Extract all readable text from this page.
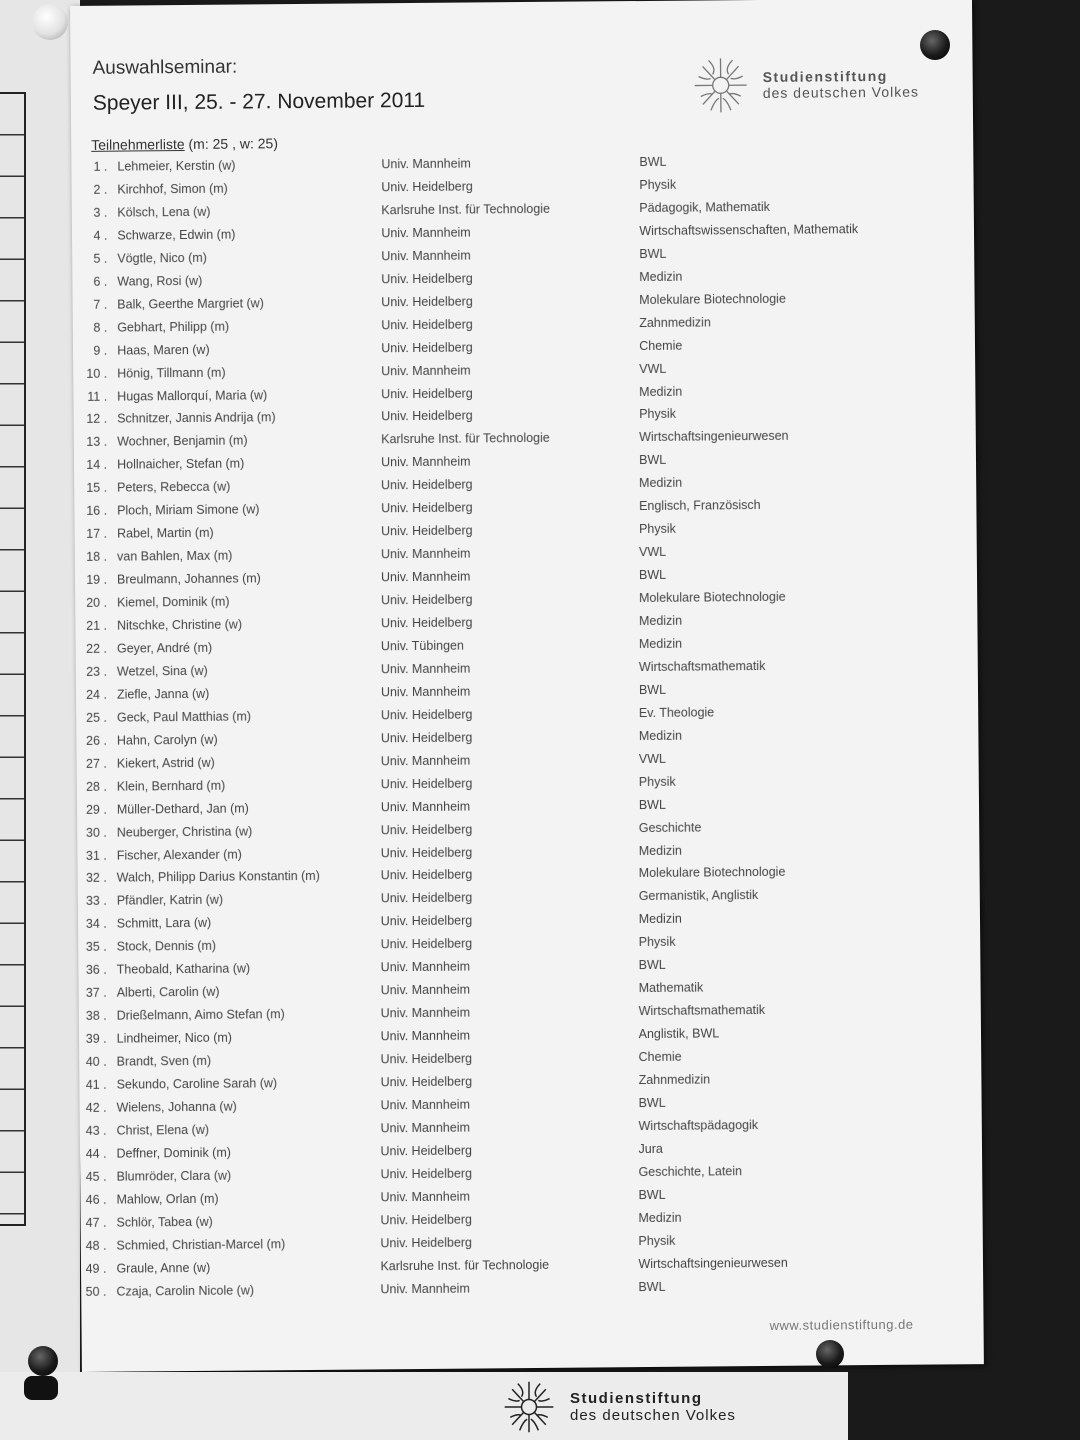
Auswahlseminar:
Speyer III, 25. - 27. November 2011
Teilnehmerliste (m: 25 , w: 25)
Studienstiftung
des deutschen Volkes
1 . Lehmeier, Kerstin (w)	Univ. Mannheim	BWL
2 . Kirchhof, Simon (m)	Univ. Heidelberg	Physik
3 . Kölsch, Lena (w)	Karlsruhe Inst. für Technologie	Pädagogik, Mathematik
4 . Schwarze, Edwin (m)	Univ. Mannheim	Wirtschaftswissenschaften, Mathematik
5 . Vögtle, Nico (m)	Univ. Mannheim	BWL
6 . Wang, Rosi (w)	Univ. Heidelberg	Medizin
7 . Balk, Geerthe Margriet (w)	Univ. Heidelberg	Molekulare Biotechnologie
8 . Gebhart, Philipp (m)	Univ. Heidelberg	Zahnmedizin
9 . Haas, Maren (w)	Univ. Heidelberg	Chemie
10 . Hönig, Tillmann (m)	Univ. Mannheim	VWL
11 . Hugas Mallorquí, Maria (w)	Univ. Heidelberg	Medizin
12 . Schnitzer, Jannis Andrija (m)	Univ. Heidelberg	Physik
13 . Wochner, Benjamin (m)	Karlsruhe Inst. für Technologie	Wirtschaftsingenieurwesen
14 . Hollnaicher, Stefan (m)	Univ. Mannheim	BWL
15 . Peters, Rebecca (w)	Univ. Heidelberg	Medizin
16 . Ploch, Miriam Simone (w)	Univ. Heidelberg	Englisch, Französisch
17 . Rabel, Martin (m)	Univ. Heidelberg	Physik
18 . van Bahlen, Max (m)	Univ. Mannheim	VWL
19 . Breulmann, Johannes (m)	Univ. Mannheim	BWL
20 . Kiemel, Dominik (m)	Univ. Heidelberg	Molekulare Biotechnologie
21 . Nitschke, Christine (w)	Univ. Heidelberg	Medizin
22 . Geyer, André (m)	Univ. Tübingen	Medizin
23 . Wetzel, Sina (w)	Univ. Mannheim	Wirtschaftsmathematik
24 . Ziefle, Janna (w)	Univ. Mannheim	BWL
25 . Geck, Paul Matthias (m)	Univ. Heidelberg	Ev. Theologie
26 . Hahn, Carolyn (w)	Univ. Heidelberg	Medizin
27 . Kiekert, Astrid (w)	Univ. Mannheim	VWL
28 . Klein, Bernhard (m)	Univ. Heidelberg	Physik
29 . Müller-Dethard, Jan (m)	Univ. Mannheim	BWL
30 . Neuberger, Christina (w)	Univ. Heidelberg	Geschichte
31 . Fischer, Alexander (m)	Univ. Heidelberg	Medizin
32 . Walch, Philipp Darius Konstantin (m)	Univ. Heidelberg	Molekulare Biotechnologie
33 . Pfändler, Katrin (w)	Univ. Heidelberg	Germanistik, Anglistik
34 . Schmitt, Lara (w)	Univ. Heidelberg	Medizin
35 . Stock, Dennis (m)	Univ. Heidelberg	Physik
36 . Theobald, Katharina (w)	Univ. Mannheim	BWL
37 . Alberti, Carolin (w)	Univ. Mannheim	Mathematik
38 . Drießelmann, Aimo Stefan (m)	Univ. Mannheim	Wirtschaftsmathematik
39 . Lindheimer, Nico (m)	Univ. Mannheim	Anglistik, BWL
40 . Brandt, Sven (m)	Univ. Heidelberg	Chemie
41 . Sekundo, Caroline Sarah (w)	Univ. Heidelberg	Zahnmedizin
42 . Wielens, Johanna (w)	Univ. Mannheim	BWL
43 . Christ, Elena (w)	Univ. Mannheim	Wirtschaftspädagogik
44 . Deffner, Dominik (m)	Univ. Heidelberg	Jura
45 . Blumröder, Clara (w)	Univ. Heidelberg	Geschichte, Latein
46 . Mahlow, Orlan (m)	Univ. Mannheim	BWL
47 . Schlör, Tabea (w)	Univ. Heidelberg	Medizin
48 . Schmied, Christian-Marcel (m)	Univ. Heidelberg	Physik
49 . Graule, Anne (w)	Karlsruhe Inst. für Technologie	Wirtschaftsingenieurwesen
50 . Czaja, Carolin Nicole (w)	Univ. Mannheim	BWL
www.studienstiftung.de
Studienstiftung
des deutschen Volkes
